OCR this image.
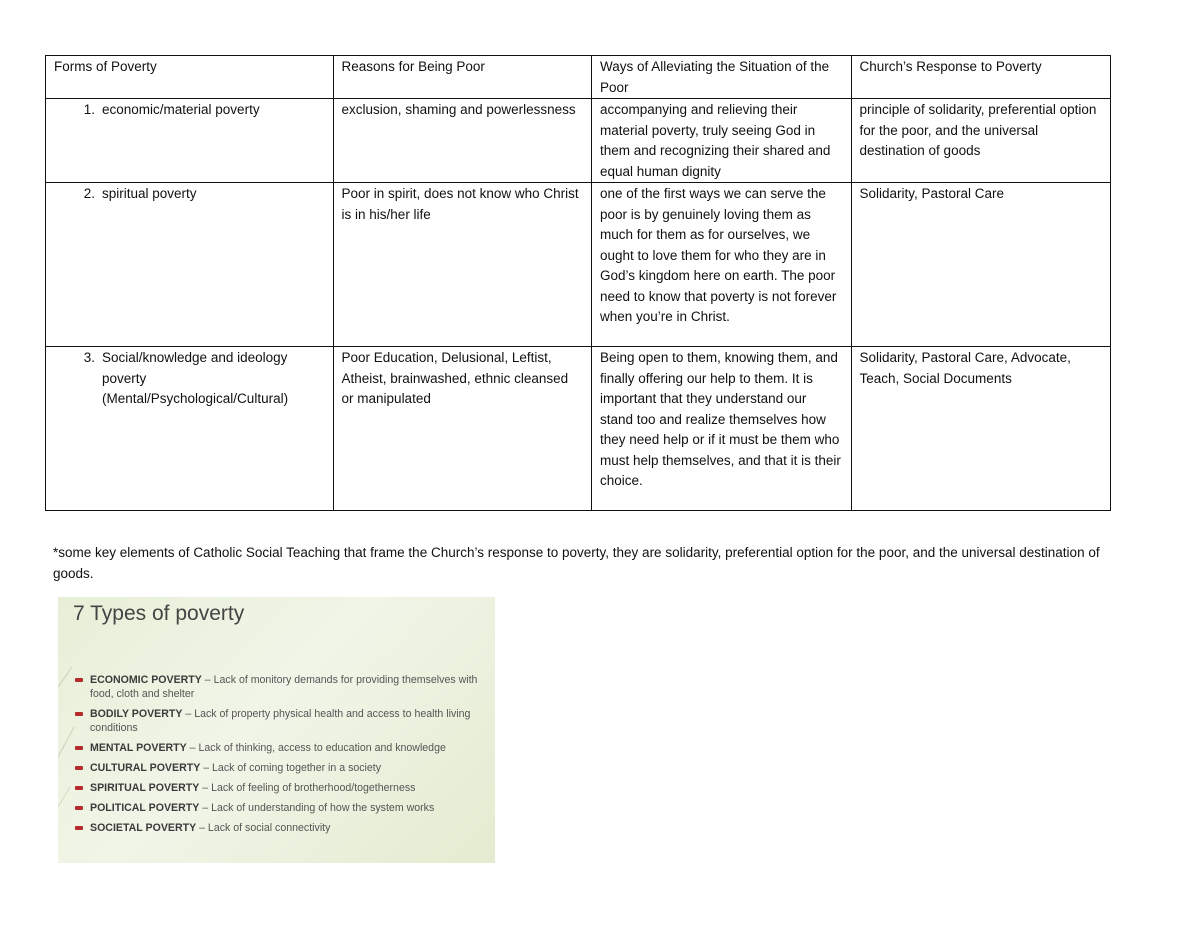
Forms of Poverty	Reasons for Being Poor	Ways of Alleviating the Situation of the Poor	Church’s Response to Poverty

1. economic/material poverty	exclusion, shaming and powerlessness	accompanying and relieving their material poverty, truly seeing God in them and recognizing their shared and equal human dignity	principle of solidarity, preferential option for the poor, and the universal destination of goods

2. spiritual poverty	Poor in spirit, does not know who Christ is in his/her life	one of the first ways we can serve the poor is by genuinely loving them as much for them as for ourselves, we ought to love them for who they are in God’s kingdom here on earth. The poor need to know that poverty is not forever when you’re in Christ.	Solidarity, Pastoral Care

3. Social/knowledge and ideology poverty (Mental/Psychological/Cultural)	Poor Education, Delusional, Leftist, Atheist, brainwashed, ethnic cleansed or manipulated	Being open to them, knowing them, and finally offering our help to them. It is important that they understand our stand too and realize themselves how they need help or if it must be them who must help themselves, and that it is their choice.	Solidarity, Pastoral Care, Advocate, Teach, Social Documents
*some key elements of Catholic Social Teaching that frame the Church’s response to poverty, they are solidarity, preferential option for the poor, and the universal destination of goods.
7 Types of poverty
ECONOMIC POVERTY – Lack of monitory demands for providing themselves with food, cloth and shelter
BODILY POVERTY – Lack of property physical health and access to health living conditions
MENTAL POVERTY – Lack of thinking, access to education and knowledge
CULTURAL POVERTY – Lack of coming together in a society
SPIRITUAL POVERTY – Lack of feeling of brotherhood/togetherness
POLITICAL POVERTY – Lack of understanding of how the system works
SOCIETAL POVERTY – Lack of social connectivity
